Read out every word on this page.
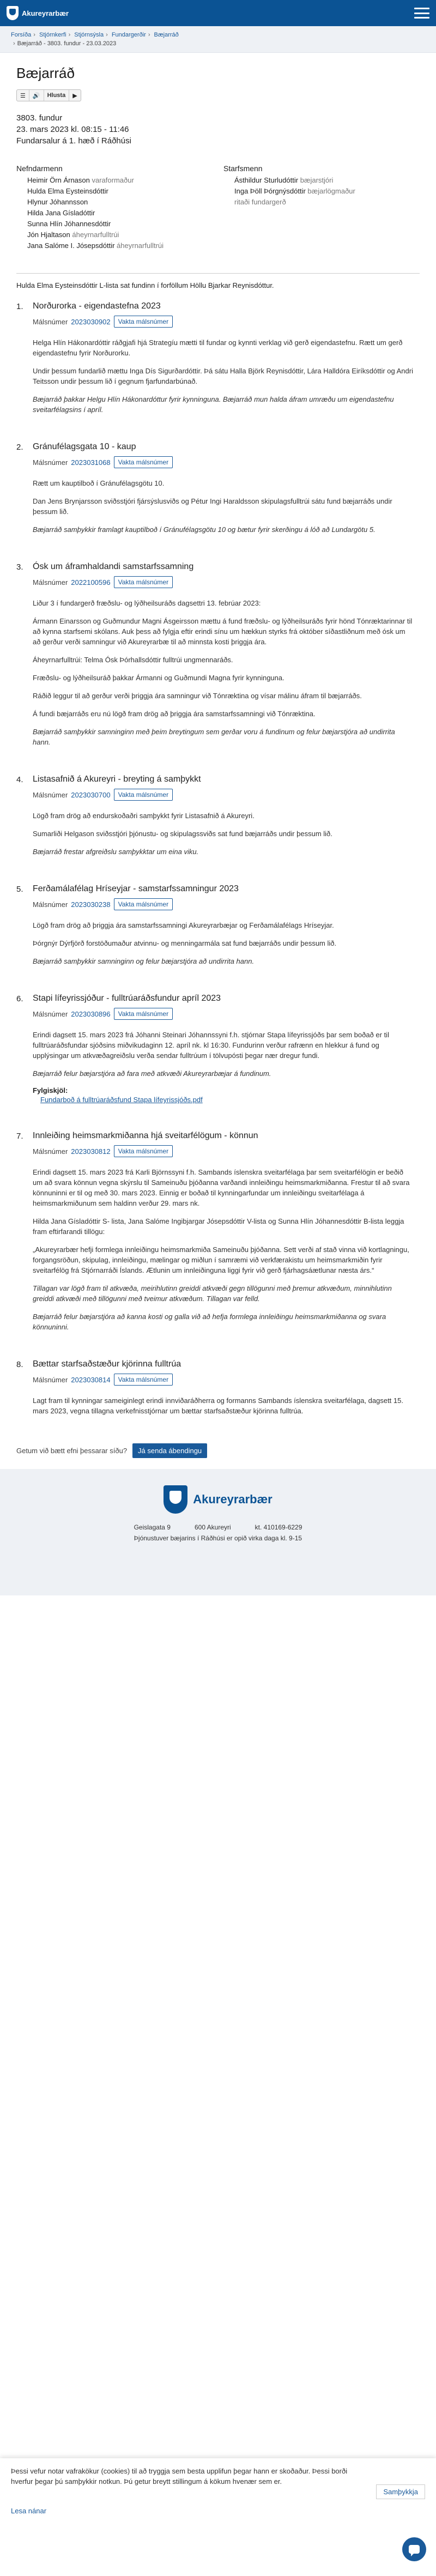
Akureyrarbær
Forsíða › Stjórnkerfi › Stjórnsýsla › Fundargerðir › Bæjarráð
› Bæjarráð - 3803. fundur - 23.03.2023
Bæjarráð
☰	🔊	Hlusta	▶
3803. fundur
23. mars 2023 kl. 08:15 - 11:46
Fundarsalur á 1. hæð í Ráðhúsi
Nefndarmenn
Heimir Örn Árnason varaformaður
Hulda Elma Eysteinsdóttir
Hlynur Jóhannsson
Hilda Jana Gísladóttir
Sunna Hlín Jóhannesdóttir
Jón Hjaltason áheyrnarfulltrúi
Jana Salóme I. Jósepsdóttir áheyrnarfulltrúi
Starfsmenn
Ásthildur Sturludóttir bæjarstjóri
Inga Þöll Þórgnýsdóttir bæjarlögmaður
ritaði fundargerð
Hulda Elma Eysteinsdóttir L-lista sat fundinn í forföllum Höllu Bjarkar Reynisdóttur.
1. Norðurorka - eigendastefna 2023
Málsnúmer 2023030902	Vakta málsnúmer
Helga Hlín Hákonardóttir ráðgjafi hjá Strategíu mætti til fundar og kynnti verklag við gerð eigendastefnu. Rætt um gerð eigendastefnu fyrir Norðurorku.
Undir þessum fundarlið mættu Inga Dís Sigurðardóttir. Þá sátu Halla Björk Reynisdóttir, Lára Halldóra Eiríksdóttir og Andri Teitsson undir þessum lið í gegnum fjarfundarbúnað.
Bæjarráð þakkar Helgu Hlín Hákonardóttur fyrir kynninguna. Bæjarráð mun halda áfram umræðu um eigendastefnu sveitarfélagsins í apríl.
2. Gránufélagsgata 10 - kaup
Málsnúmer 2023031068	Vakta málsnúmer
Rætt um kauptilboð í Gránufélagsgötu 10.
Dan Jens Brynjarsson sviðsstjóri fjársýslusviðs og Pétur Ingi Haraldsson skipulagsfulltrúi sátu fund bæjarráðs undir þessum lið.
Bæjarráð samþykkir framlagt kauptilboð í Gránufélagsgötu 10 og bætur fyrir skerðingu á lóð að Lundargötu 5.
3. Ósk um áframhaldandi samstarfssamning
Málsnúmer 2022100596	Vakta málsnúmer
Liður 3 í fundargerð fræðslu- og lýðheilsuráðs dagsettri 13. febrúar 2023:
Ármann Einarsson og Guðmundur Magni Ásgeirsson mættu á fund fræðslu- og lýðheilsuráðs fyrir hönd Tónræktarinnar til að kynna starfsemi skólans. Auk þess að fylgja eftir erindi sínu um hækkun styrks frá október síðastliðnum með ósk um að gerður verði samningur við Akureyrarbæ til að minnsta kosti þriggja ára.
Áheyrnarfulltrúi: Telma Ósk Þórhallsdóttir fulltrúi ungmennaráðs.
Fræðslu- og lýðheilsuráð þakkar Ármanni og Guðmundi Magna fyrir kynninguna.
Ráðið leggur til að gerður verði þriggja ára samningur við Tónræktina og vísar málinu áfram til bæjarráðs.
Á fundi bæjarráðs eru nú lögð fram drög að þriggja ára samstarfssamningi við Tónræktina.
Bæjarráð samþykkir samninginn með þeim breytingum sem gerðar voru á fundinum og felur bæjarstjóra að undirrita hann.
4. Listasafnið á Akureyri - breyting á samþykkt
Málsnúmer 2023030700	Vakta málsnúmer
Lögð fram drög að endurskoðaðri samþykkt fyrir Listasafnið á Akureyri.
Sumarliði Helgason sviðsstjóri þjónustu- og skipulagssviðs sat fund bæjarráðs undir þessum lið.
Bæjarráð frestar afgreiðslu samþykktar um eina viku.
5. Ferðamálafélag Hríseyjar - samstarfssamningur 2023
Málsnúmer 2023030238	Vakta málsnúmer
Lögð fram drög að þriggja ára samstarfssamningi Akureyrarbæjar og Ferðamálafélags Hríseyjar.
Þórgnýr Dýrfjörð forstöðumaður atvinnu- og menningarmála sat fund bæjarráðs undir þessum lið.
Bæjarráð samþykkir samninginn og felur bæjarstjóra að undirrita hann.
6. Stapi lífeyrissjóður - fulltrúaráðsfundur apríl 2023
Málsnúmer 2023030896	Vakta málsnúmer
Erindi dagsett 15. mars 2023 frá Jóhanni Steinari Jóhannssyni f.h. stjórnar Stapa lífeyrissjóðs þar sem boðað er til fulltrúaráðsfundar sjóðsins miðvikudaginn 12. apríl nk. kl 16:30. Fundurinn verður rafrænn en hlekkur á fund og upplýsingar um atkvæðagreiðslu verða sendar fulltrúum í tölvupósti þegar nær dregur fundi.
Bæjarráð felur bæjarstjóra að fara með atkvæði Akureyrarbæjar á fundinum.
Fylgiskjöl:
Fundarboð á fulltrúaráðsfund Stapa lífeyrissjóðs.pdf
7. Innleiðing heimsmarkmiðanna hjá sveitarfélögum - könnun
Málsnúmer 2023030812	Vakta málsnúmer
Erindi dagsett 15. mars 2023 frá Karli Björnssyni f.h. Sambands íslenskra sveitarfélaga þar sem sveitarfélögin er beðið um að svara könnun vegna skýrslu til Sameinuðu þjóðanna varðandi innleiðingu heimsmarkmiðanna. Frestur til að svara könnuninni er til og með 30. mars 2023. Einnig er boðað til kynningarfundar um innleiðingu sveitarfélaga á heimsmarkmiðunum sem haldinn verður 29. mars nk.
Hilda Jana Gísladóttir S- lista, Jana Salóme Ingibjargar Jósepsdóttir V-lista og Sunna Hlín Jóhannesdóttir B-lista leggja fram eftirfarandi tillögu:
„Akureyrarbær hefji formlega innleiðingu heimsmarkmiða Sameinuðu þjóðanna. Sett verði af stað vinna við kortlagningu, forgangsröðun, skipulag, innleiðingu, mælingar og miðlun í samræmi við verkfærakistu um heimsmarkmiðin fyrir sveitarfélög frá Stjórnarráði Íslands. Ætlunin um innleiðinguna liggi fyrir við gerð fjárhagsáætlunar næsta árs.“
Tillagan var lögð fram til atkvæða, meirihlutinn greiddi atkvæði gegn tillögunni með þremur atkvæðum, minnihlutinn greiddi atkvæði með tillögunni með tveimur atkvæðum. Tillagan var felld.
Bæjarráð felur bæjarstjóra að kanna kosti og galla við að hefja formlega innleiðingu heimsmarkmiðanna og svara könnuninni.
8. Bættar starfsaðstæður kjörinna fulltrúa
Málsnúmer 2023030814	Vakta málsnúmer
Lagt fram til kynningar sameiginlegt erindi innviðaráðherra og formanns Sambands íslenskra sveitarfélaga, dagsett 15. mars 2023, vegna tillagna verkefnisstjórnar um bættar starfsaðstæður kjörinna fulltrúa.
Getum við bætt efni þessarar síðu?	Já senda ábendingu
Akureyrarbær
Geislagata 9	600 Akureyri	kt. 410169-6229
Þjónustuver bæjarins í Ráðhúsi er opið virka daga kl. 9-15
Þessi vefur notar vafrakökur (cookies) til að tryggja sem besta upplifun þegar hann er skoðaður. Þessi borði hverfur þegar þú samþykkir notkun. Þú getur breytt stillingum á kökum hvenær sem er.
Samþykkja
Lesa nánar
